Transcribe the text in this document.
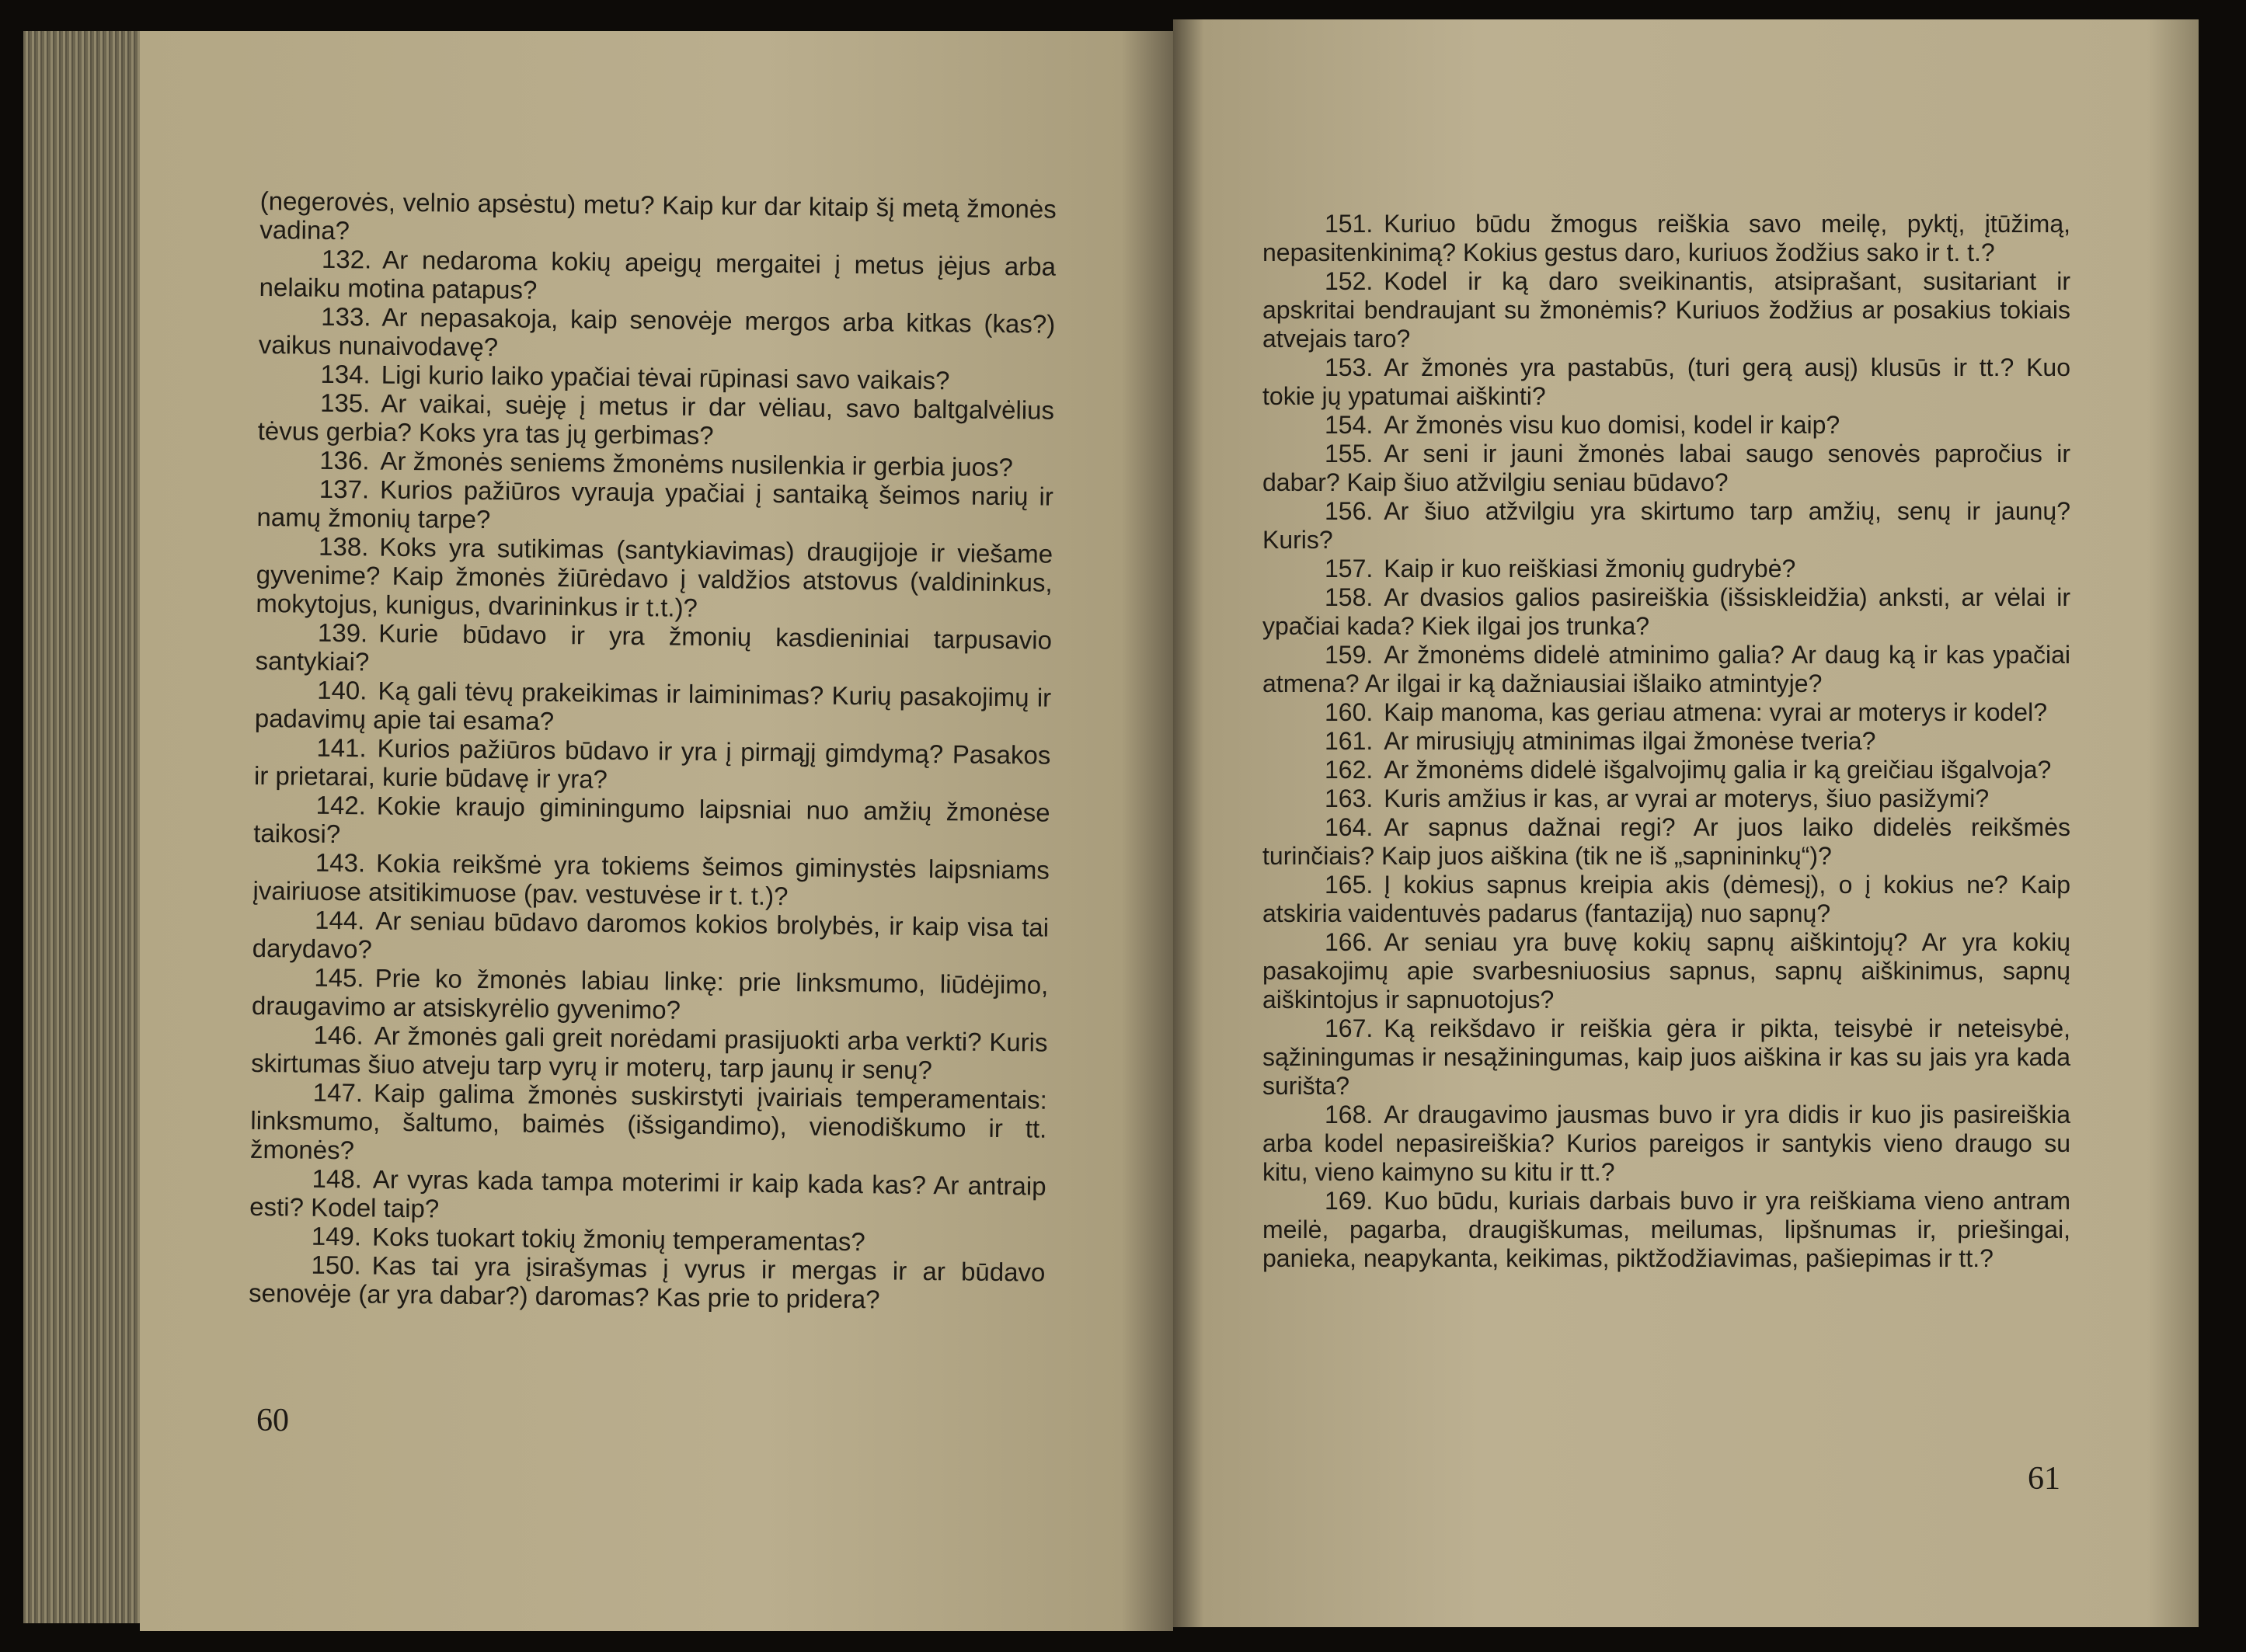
(negerovės, velnio apsėstu) metu? Kaip kur dar kitaip šį metą žmonės vadina?

132. Ar nedaroma kokių apeigų mergaitei į metus įėjus arba nelaiku motina patapus?

133. Ar nepasakoja, kaip senovėje mergos arba kitkas (kas?) vaikus nunaivodavę?

134. Ligi kurio laiko ypačiai tėvai rūpinasi savo vaikais?

135. Ar vaikai, suėję į metus ir dar vėliau, savo baltgalvėlius tėvus gerbia? Koks yra tas jų gerbimas?

136. Ar žmonės seniems žmonėms nusilenkia ir gerbia juos?

137. Kurios pažiūros vyrauja ypačiai į santaiką šeimos narių ir namų žmonių tarpe?

138. Koks yra sutikimas (santykiavimas) draugijoje ir viešame gyvenime? Kaip žmonės žiūrėdavo į valdžios atstovus (valdininkus, mokytojus, kunigus, dvarininkus ir t.t.)?

139. Kurie būdavo ir yra žmonių kasdieniniai tarpusavio santykiai?

140. Ką gali tėvų prakeikimas ir laiminimas? Kurių pasakojimų ir padavimų apie tai esama?

141. Kurios pažiūros būdavo ir yra į pirmąjį gimdymą? Pasakos ir prietarai, kurie būdavę ir yra?

142. Kokie kraujo giminingumo laipsniai nuo amžių žmonėse taikosi?

143. Kokia reikšmė yra tokiems šeimos giminystės laipsniams įvairiuose atsitikimuose (pav. vestuvėse ir t. t.)?

144. Ar seniau būdavo daromos kokios brolybės, ir kaip visa tai darydavo?

145. Prie ko žmonės labiau linkę: prie linksmumo, liūdėjimo, draugavimo ar atsiskyrėlio gyvenimo?

146. Ar žmonės gali greit norėdami prasijuokti arba verkti? Kuris skirtumas šiuo atveju tarp vyrų ir moterų, tarp jaunų ir senų?

147. Kaip galima žmonės suskirstyti įvairiais temperamentais: linksmumo, šaltumo, baimės (išsigandimo), vienodiškumo ir tt. žmonės?

148. Ar vyras kada tampa moterimi ir kaip kada kas? Ar antraip esti? Kodel taip?

149. Koks tuokart tokių žmonių temperamentas?

150. Kas tai yra įsirašymas į vyrus ir mergas ir ar būdavo senovėje (ar yra dabar?) daromas? Kas prie to pridera?

60

151. Kuriuo būdu žmogus reiškia savo meilę, pyktį, įtūžimą, nepasitenkinimą? Kokius gestus daro, kuriuos žodžius sako ir t. t.?

152. Kodel ir ką daro sveikinantis, atsiprašant, susitariant ir apskritai bendraujant su žmonėmis? Kuriuos žodžius ar posakius tokiais atvejais taro?

153. Ar žmonės yra pastabūs, (turi gerą ausį) klusūs ir tt.? Kuo tokie jų ypatumai aiškinti?

154. Ar žmonės visu kuo domisi, kodel ir kaip?

155. Ar seni ir jauni žmonės labai saugo senovės papročius ir dabar? Kaip šiuo atžvilgiu seniau būdavo?

156. Ar šiuo atžvilgiu yra skirtumo tarp amžių, senų ir jaunų? Kuris?

157. Kaip ir kuo reiškiasi žmonių gudrybė?

158. Ar dvasios galios pasireiškia (išsiskleidžia) anksti, ar vėlai ir ypačiai kada? Kiek ilgai jos trunka?

159. Ar žmonėms didelė atminimo galia? Ar daug ką ir kas ypačiai atmena? Ar ilgai ir ką dažniausiai išlaiko atmintyje?

160. Kaip manoma, kas geriau atmena: vyrai ar moterys ir kodel?

161. Ar mirusiųjų atminimas ilgai žmonėse tveria?

162. Ar žmonėms didelė išgalvojimų galia ir ką greičiau išgalvoja?

163. Kuris amžius ir kas, ar vyrai ar moterys, šiuo pasižymi?

164. Ar sapnus dažnai regi? Ar juos laiko didelės reikšmės turinčiais? Kaip juos aiškina (tik ne iš „sapnininkų“)?

165. Į kokius sapnus kreipia akis (dėmesį), o į kokius ne? Kaip atskiria vaidentuvės padarus (fantaziją) nuo sapnų?

166. Ar seniau yra buvę kokių sapnų aiškintojų? Ar yra kokių pasakojimų apie svarbesniuosius sapnus, sapnų aiškinimus, sapnų aiškintojus ir sapnuotojus?

167. Ką reikšdavo ir reiškia gėra ir pikta, teisybė ir neteisybė, sąžiningumas ir nesąžiningumas, kaip juos aiškina ir kas su jais yra kada surišta?

168. Ar draugavimo jausmas buvo ir yra didis ir kuo jis pasireiškia arba kodel nepasireiškia? Kurios pareigos ir santykis vieno draugo su kitu, vieno kaimyno su kitu ir tt.?

169. Kuo būdu, kuriais darbais buvo ir yra reiškiama vieno antram meilė, pagarba, draugiškumas, meilumas, lipšnumas ir, priešingai, panieka, neapykanta, keikimas, piktžodžiavimas, pašiepimas ir tt.?

61
